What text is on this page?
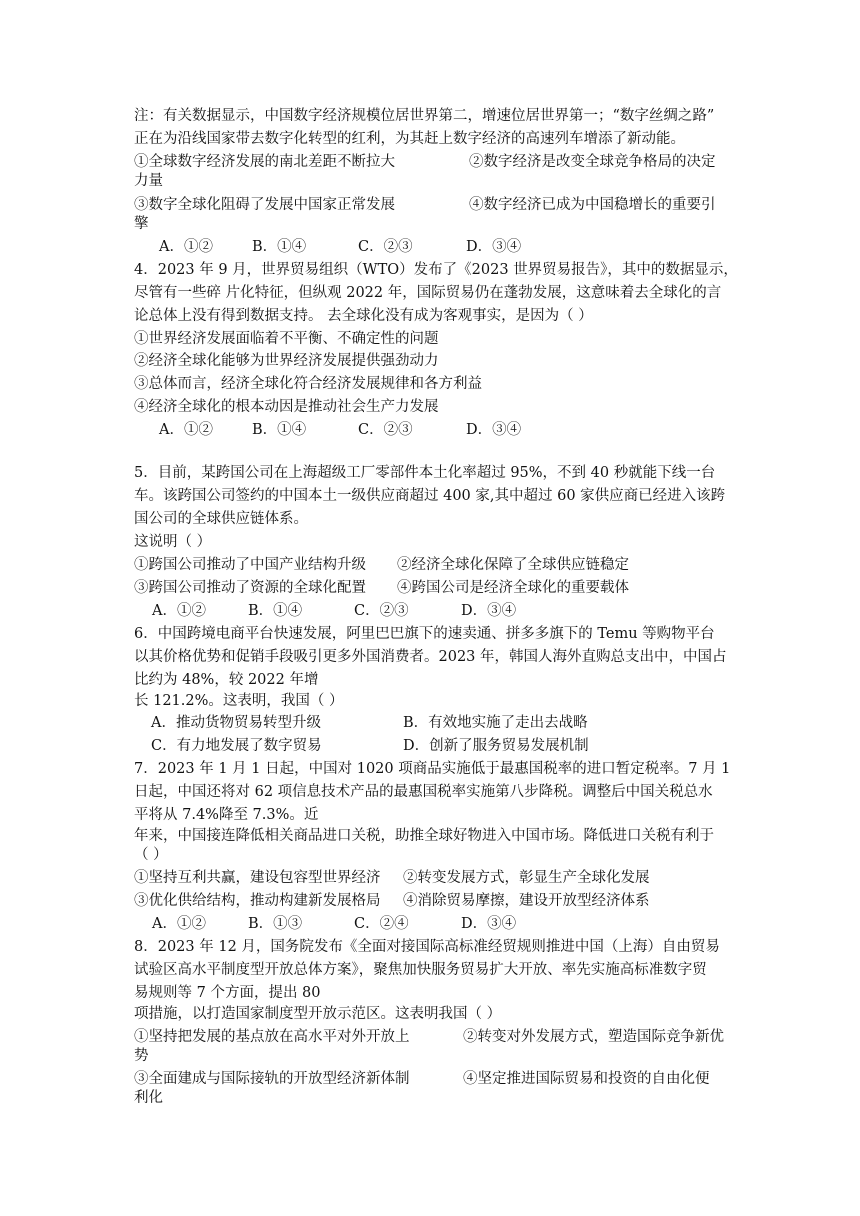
注：有关数据显示，中国数字经济规模位居世界第二，增速位居世界第一；“数字丝绸之路”
正在为沿线国家带去数字化转型的红利，为其赶上数字经济的高速列车增添了新动能。
①全球数字经济发展的南北差距不断拉大	②数字经济是改变全球竞争格局的决定
力量
③数字全球化阻碍了发展中国家正常发展	④数字经济已成为中国稳增长的重要引
擎
A．①②	B．①④	C．②③	D．③④
4．2023 年 9 月，世界贸易组织（WTO）发布了《2023 世界贸易报告》，其中的数据显示，
尽管有一些碎 片化特征，但纵观 2022 年，国际贸易仍在蓬勃发展，这意味着去全球化的言
论总体上没有得到数据支持。 去全球化没有成为客观事实，是因为（ ）
①世界经济发展面临着不平衡、不确定性的问题
②经济全球化能够为世界经济发展提供强劲动力
③总体而言，经济全球化符合经济发展规律和各方利益
④经济全球化的根本动因是推动社会生产力发展
A．①②	B．①④	C．②③	D．③④
5．目前，某跨国公司在上海超级工厂零部件本土化率超过 95%，不到 40 秒就能下线一台
车。该跨国公司签约的中国本土一级供应商超过 400 家,其中超过 60 家供应商已经进入该跨
国公司的全球供应链体系。
这说明（ ）
①跨国公司推动了中国产业结构升级 ②经济全球化保障了全球供应链稳定
③跨国公司推动了资源的全球化配置 ④跨国公司是经济全球化的重要载体
A．①②	B．①④	C．②③	D．③④
6．中国跨境电商平台快速发展，阿里巴巴旗下的速卖通、拼多多旗下的 Temu 等购物平台
以其价格优势和促销手段吸引更多外国消费者。2023 年，韩国人海外直购总支出中，中国占
比约为 48%，较 2022 年增
长 121.2%。这表明，我国（ ）
A．推动货物贸易转型升级	B．有效地实施了走出去战略
C．有力地发展了数字贸易	D．创新了服务贸易发展机制
7．2023 年 1 月 1 日起，中国对 1020 项商品实施低于最惠国税率的进口暂定税率。7 月 1
日起，中国还将对 62 项信息技术产品的最惠国税率实施第八步降税。调整后中国关税总水
平将从 7.4%降至 7.3%。近
年来，中国接连降低相关商品进口关税，助推全球好物进入中国市场。降低进口关税有利于
（ ）
①坚持互利共赢，建设包容型世界经济 ②转变发展方式，彰显生产全球化发展
③优化供给结构，推动构建新发展格局 ④消除贸易摩擦，建设开放型经济体系
A．①②	B．①③	C．②④	D．③④
8．2023 年 12 月，国务院发布《全面对接国际高标准经贸规则推进中国（上海）自由贸易
试验区高水平制度型开放总体方案》，聚焦加快服务贸易扩大开放、率先实施高标准数字贸
易规则等 7 个方面，提出 80
项措施，以打造国家制度型开放示范区。这表明我国（ ）
①坚持把发展的基点放在高水平对外开放上	②转变对外发展方式，塑造国际竞争新优
势
③全面建成与国际接轨的开放型经济新体制	④坚定推进国际贸易和投资的自由化便
利化
